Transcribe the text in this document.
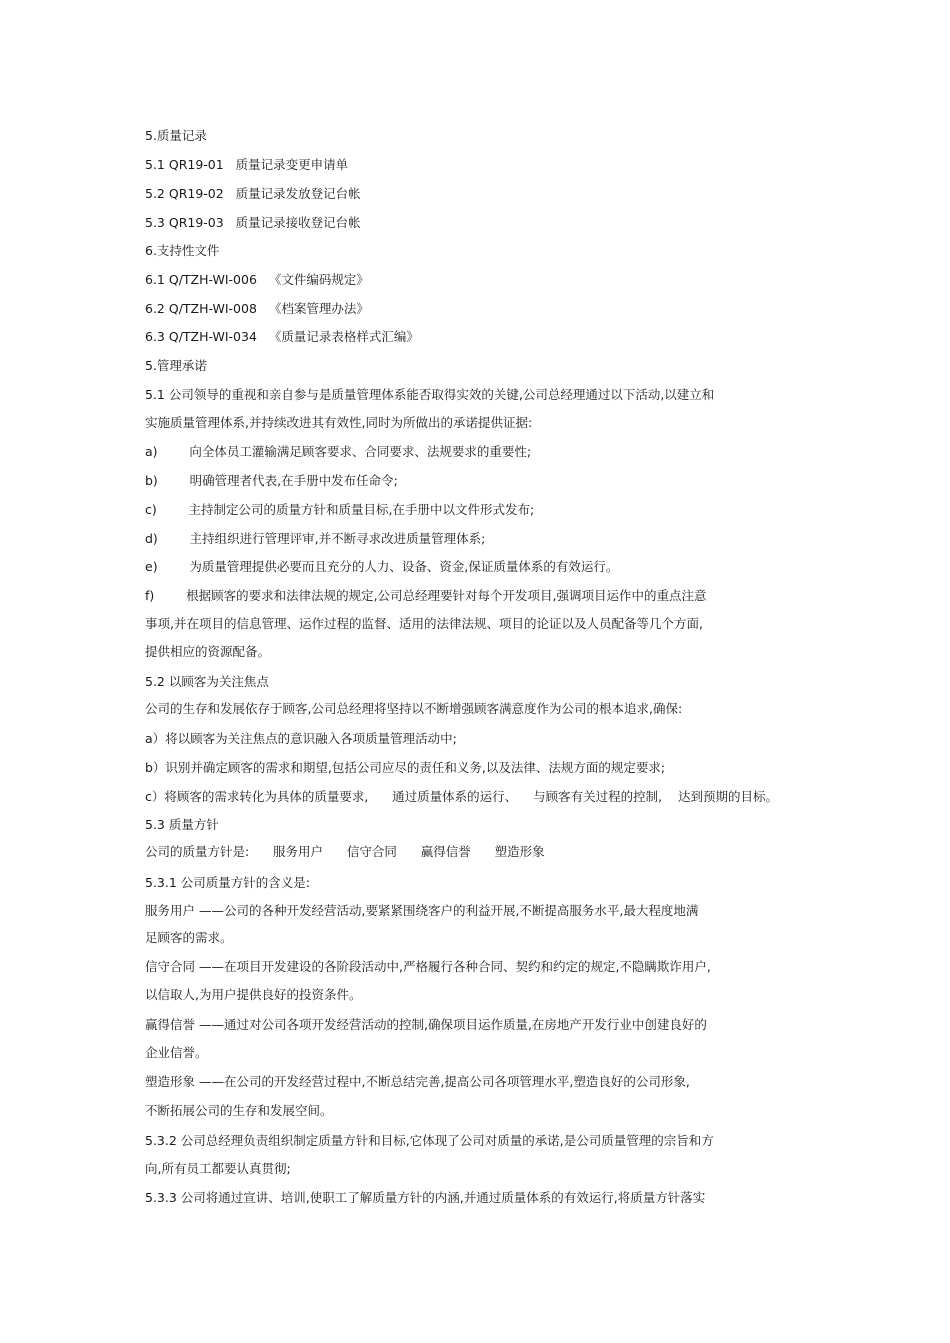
5.质量记录

5.1 QR19-01   质量记录变更申请单

5.2 QR19-02   质量记录发放登记台帐

5.3 QR19-03   质量记录接收登记台帐

6.支持性文件

6.1 Q/TZH-WI-006   《文件编码规定》

6.2 Q/TZH-WI-008   《档案管理办法》

6.3 Q/TZH-WI-034   《质量记录表格样式汇编》

5.管理承诺

5.1 公司领导的重视和亲自参与是质量管理体系能否取得实效的关键,公司总经理通过以下活动,以建立和

实施质量管理体系,并持续改进其有效性,同时为所做出的承诺提供证据:

a)        向全体员工灌输满足顾客要求、合同要求、法规要求的重要性;

b)        明确管理者代表,在手册中发布任命令;

c)        主持制定公司的质量方针和质量目标,在手册中以文件形式发布;

d)        主持组织进行管理评审,并不断寻求改进质量管理体系;

e)        为质量管理提供必要而且充分的人力、设备、资金,保证质量体系的有效运行。

f)        根据顾客的要求和法律法规的规定,公司总经理要针对每个开发项目,强调项目运作中的重点注意

事项,并在项目的信息管理、运作过程的监督、适用的法律法规、项目的论证以及人员配备等几个方面,

提供相应的资源配备。

5.2 以顾客为关注焦点

公司的生存和发展依存于顾客,公司总经理将坚持以不断增强顾客满意度作为公司的根本追求,确保:

a）将以顾客为关注焦点的意识融入各项质量管理活动中;

b）识别并确定顾客的需求和期望,包括公司应尽的责任和义务,以及法律、法规方面的规定要求;

c）将顾客的需求转化为具体的质量要求,      通过质量体系的运行、    与顾客有关过程的控制,    达到预期的目标。

5.3 质量方针

公司的质量方针是:      服务用户      信守合同      赢得信誉      塑造形象

5.3.1 公司质量方针的含义是:

服务用户 ——公司的各种开发经营活动,要紧紧围绕客户的利益开展,不断提高服务水平,最大程度地满

足顾客的需求。

信守合同 ——在项目开发建设的各阶段活动中,严格履行各种合同、契约和约定的规定,不隐瞒欺诈用户,

以信取人,为用户提供良好的投资条件。

赢得信誉 ——通过对公司各项开发经营活动的控制,确保项目运作质量,在房地产开发行业中创建良好的

企业信誉。

塑造形象 ——在公司的开发经营过程中,不断总结完善,提高公司各项管理水平,塑造良好的公司形象,

不断拓展公司的生存和发展空间。

5.3.2 公司总经理负责组织制定质量方针和目标,它体现了公司对质量的承诺,是公司质量管理的宗旨和方

向,所有员工都要认真贯彻;

5.3.3 公司将通过宣讲、培训,使职工了解质量方针的内涵,并通过质量体系的有效运行,将质量方针落实
